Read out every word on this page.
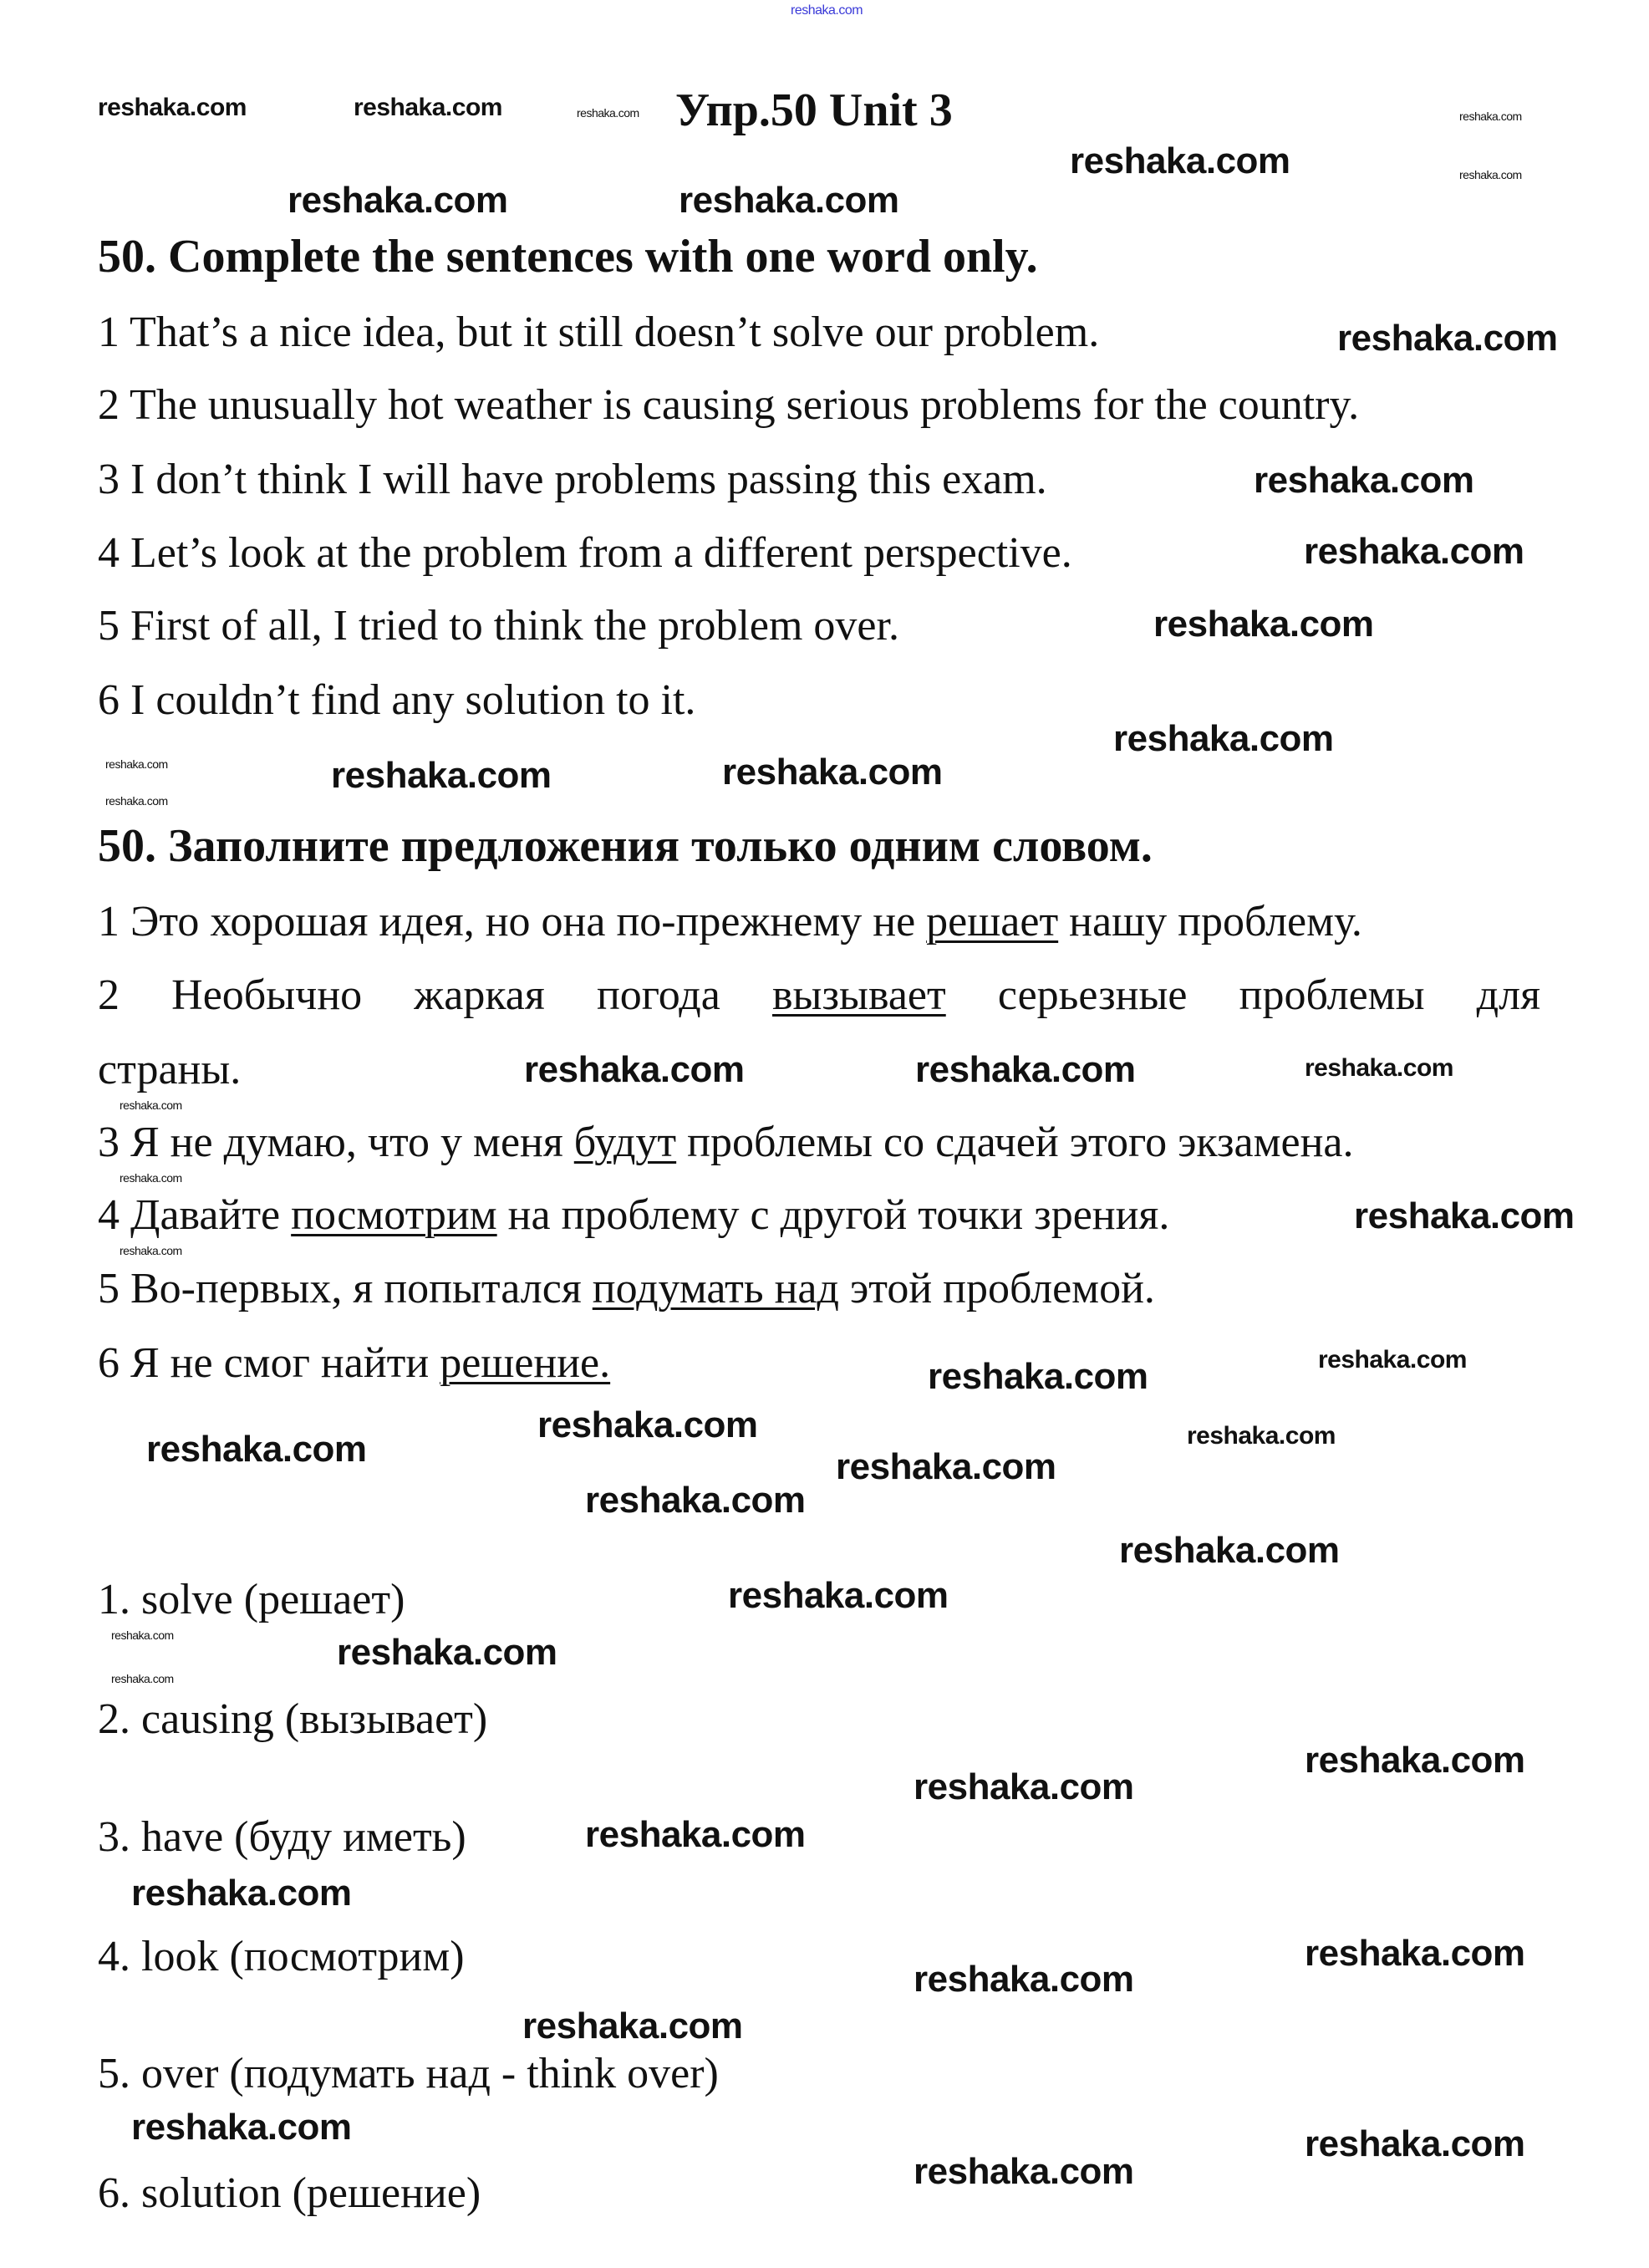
Упр.50 Unit 3
50. Complete the sentences with one word only.
1 That’s a nice idea, but it still doesn’t solve our problem.
2 The unusually hot weather is causing serious problems for the country.
3 I don’t think I will have problems passing this exam.
4 Let’s look at the problem from a different perspective.
5 First of all, I tried to think the problem over.
6 I couldn’t find any solution to it.
50. Заполните предложения только одним словом.
1 Это хорошая идея, но она по-прежнему не решает нашу проблему.
2 Необычно жаркая погода вызывает серьезные проблемы для
страны.
3 Я не думаю, что у меня будут проблемы со сдачей этого экзамена.
4 Давайте посмотрим на проблему с другой точки зрения.
5 Во-первых, я попытался подумать над этой проблемой.
6 Я не смог найти решение.
1. solve (решает)
2. causing (вызывает)
3. have (буду иметь)
4. look (посмотрим)
5. over (подумать над - think over)
6. solution (решение)
reshaka.com
reshaka.com	reshaka.com
reshaka.com
reshaka.com
reshaka.com
reshaka.com	reshaka.com
reshaka.com
reshaka.com
reshaka.com
reshaka.com
reshaka.com
reshaka.com
reshaka.com
reshaka.com
reshaka.com
reshaka.com	reshaka.com
reshaka.com
reshaka.com
reshaka.com
reshaka.com
reshaka.com
reshaka.com	reshaka.com
reshaka.com	reshaka.com
reshaka.com
reshaka.com
reshaka.com
reshaka.com
reshaka.com
reshaka.com
reshaka.com
reshaka.com
reshaka.com
reshaka.com
reshaka.com
reshaka.com
reshaka.com
reshaka.com
reshaka.com
reshaka.com
reshaka.com	reshaka.com
reshaka.com
